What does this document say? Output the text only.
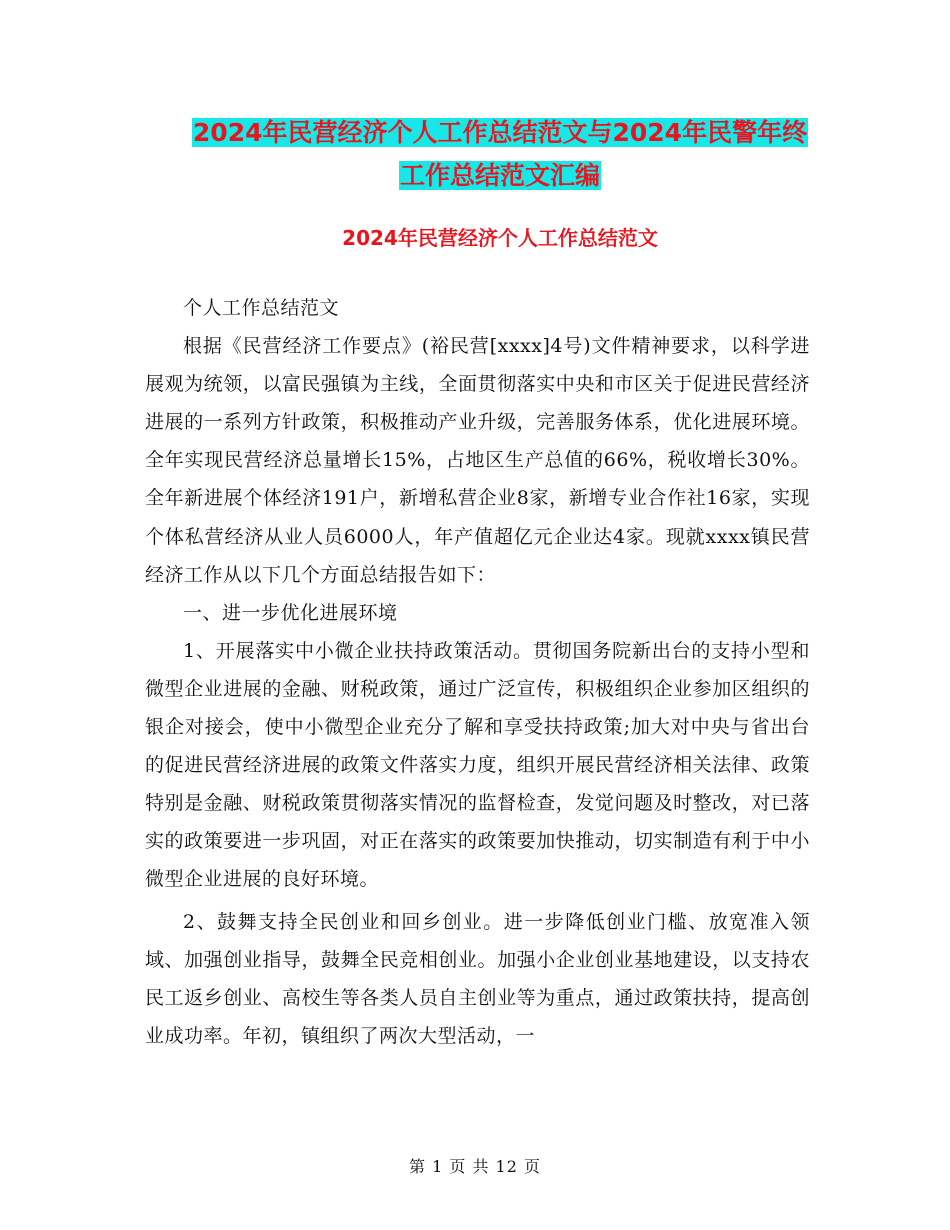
2024年民营经济个人工作总结范文与2024年民警年终
工作总结范文汇编
2024年民营经济个人工作总结范文

个人工作总结范文

根据《民营经济工作要点》(裕民营[xxxx]4号)文件精神要求，以科学进展观为统领，以富民强镇为主线，全面贯彻落实中央和市区关于促进民营经济进展的一系列方针政策，积极推动产业升级，完善服务体系，优化进展环境。全年实现民营经济总量增长15%，占地区生产总值的66%，税收增长30%。全年新进展个体经济191户，新增私营企业8家，新增专业合作社16家，实现个体私营经济从业人员6000人，年产值超亿元企业达4家。现就xxxx镇民营经济工作从以下几个方面总结报告如下：

一、进一步优化进展环境

1、开展落实中小微企业扶持政策活动。贯彻国务院新出台的支持小型和微型企业进展的金融、财税政策，通过广泛宣传，积极组织企业参加区组织的银企对接会，使中小微型企业充分了解和享受扶持政策;加大对中央与省出台的促进民营经济进展的政策文件落实力度，组织开展民营经济相关法律、政策特别是金融、财税政策贯彻落实情况的监督检查，发觉问题及时整改，对已落实的政策要进一步巩固，对正在落实的政策要加快推动，切实制造有利于中小微型企业进展的良好环境。

2、鼓舞支持全民创业和回乡创业。进一步降低创业门槛、放宽准入领域、加强创业指导，鼓舞全民竞相创业。加强小企业创业基地建设，以支持农民工返乡创业、高校生等各类人员自主创业等为重点，通过政策扶持，提高创业成功率。年初，镇组织了两次大型活动，一

第 1 页 共 12 页
